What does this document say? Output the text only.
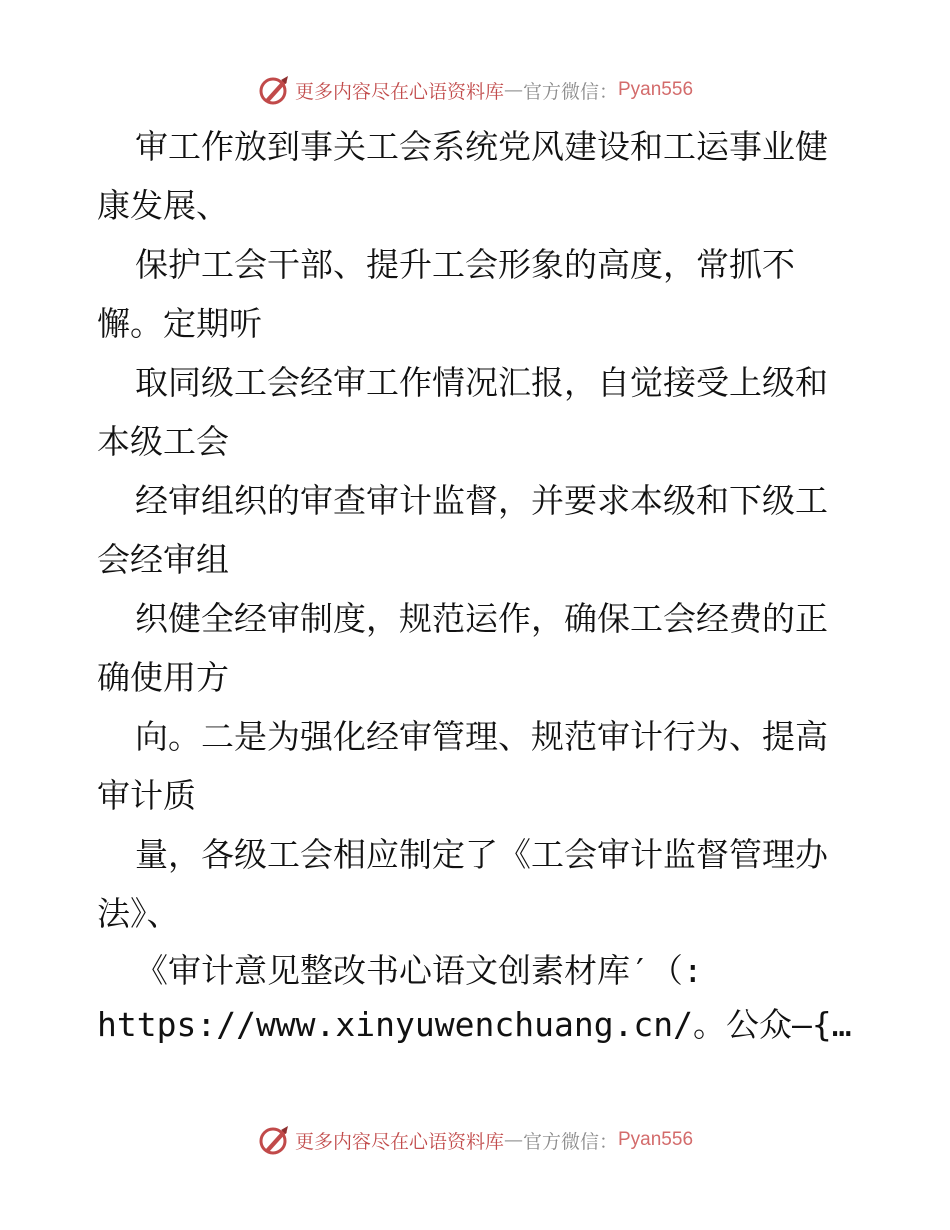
更多内容尽在心语资料库 — 官方微信： Pyan556
审工作放到事关工会系统党风建设和工运事业健
康发展、
保护工会干部、提升工会形象的高度，常抓不
懈。定期听
取同级工会经审工作情况汇报，自觉接受上级和
本级工会
经审组织的审查审计监督，并要求本级和下级工
会经审组
织健全经审制度，规范运作，确保工会经费的正
确使用方
向。二是为强化经审管理、规范审计行为、提高
审计质
量，各级工会相应制定了《工会审计监督管理办
法》、
《审计意见整改书心语文创素材库′（:
https://www.xinyuwenchuang.cn/。公众—{…
更多内容尽在心语资料库 — 官方微信： Pyan556
